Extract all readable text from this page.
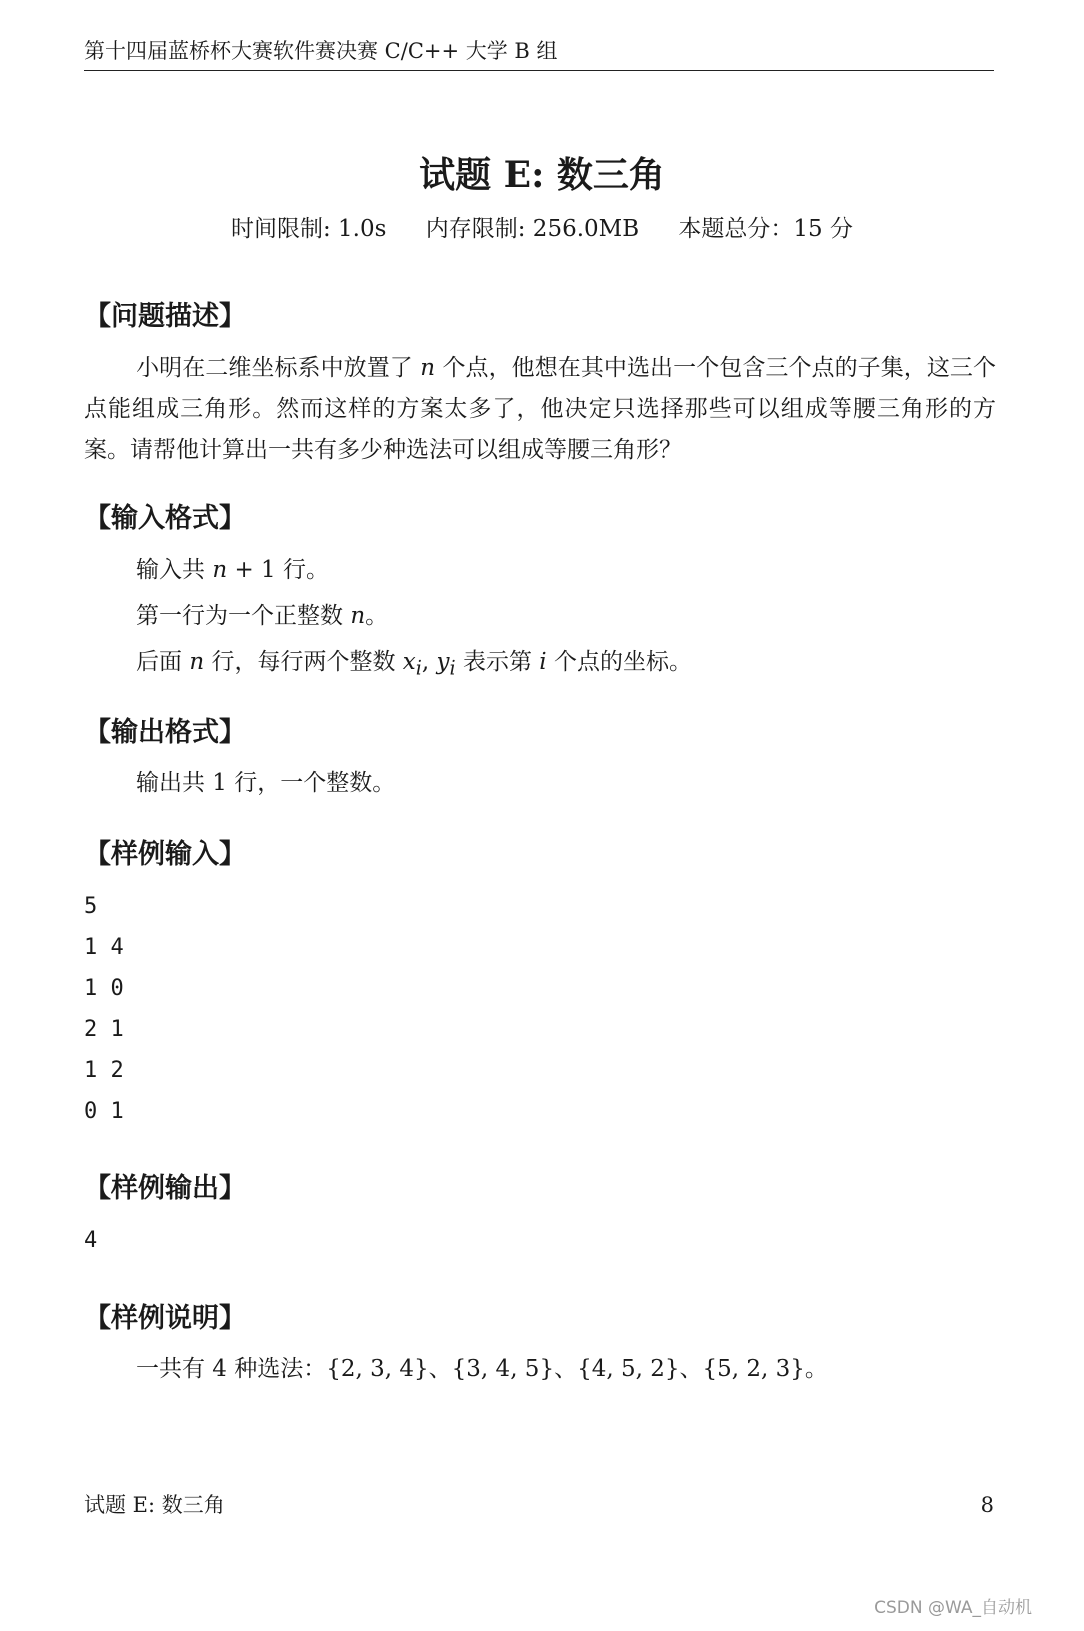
第十四届蓝桥杯大赛软件赛决赛 C/C++ 大学 B 组
试题 E: 数三角
时间限制: 1.0s 内存限制: 256.0MB 本题总分：15 分
【问题描述】
小明在二维坐标系中放置了 n 个点，他想在其中选出一个包含三个点的子集，这三个点能组成三角形。然而这样的方案太多了，他决定只选择那些可以组成等腰三角形的方案。请帮他计算出一共有多少种选法可以组成等腰三角形？
【输入格式】
输入共 n + 1 行。
第一行为一个正整数 n。
后面 n 行，每行两个整数 $x_i$, $y_i$ 表示第 i 个点的坐标。
【输出格式】
输出共 1 行，一个整数。
【样例输入】
5
1 4
1 0
2 1
1 2
0 1
【样例输出】
4
【样例说明】
一共有 4 种选法：{2, 3, 4}、{3, 4, 5}、{4, 5, 2}、{5, 2, 3}。
试题 E: 数三角	8
CSDN @WA_自动机
